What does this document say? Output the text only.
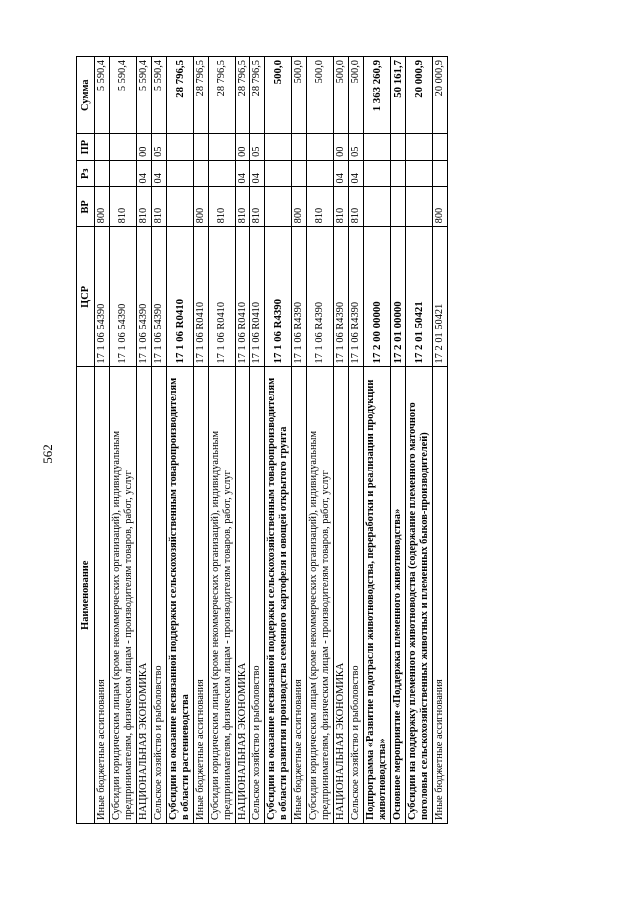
562
Наименование	ЦСР	ВР	Рз	ПР	Сумма
Иные бюджетные ассигнования	17 1 06 54390	800			5 590,4
Субсидии юридическим лицам (кроме некоммерческих организаций), индивидуальным предпринимателям, физическим лицам - производителям товаров, работ, услуг	17 1 06 54390	810			5 590,4
НАЦИОНАЛЬНАЯ ЭКОНОМИКА	17 1 06 54390	810	04	00	5 590,4
Сельское хозяйство и рыболовство	17 1 06 54390	810	04	05	5 590,4
Субсидии на оказание несвязанной поддержки сельскохозяйственным товаропроизводителям в области растениеводства	17 1 06 R0410				28 796,5
Иные бюджетные ассигнования	17 1 06 R0410	800			28 796,5
Субсидии юридическим лицам (кроме некоммерческих организаций), индивидуальным предпринимателям, физическим лицам - производителям товаров, работ, услуг	17 1 06 R0410	810			28 796,5
НАЦИОНАЛЬНАЯ ЭКОНОМИКА	17 1 06 R0410	810	04	00	28 796,5
Сельское хозяйство и рыболовство	17 1 06 R0410	810	04	05	28 796,5
Субсидии на оказание несвязанной поддержки сельскохозяйственным товаропроизводителям в области развития производства семенного картофеля и овощей открытого грунта	17 1 06 R4390				500,0
Иные бюджетные ассигнования	17 1 06 R4390	800			500,0
Субсидии юридическим лицам (кроме некоммерческих организаций), индивидуальным предпринимателям, физическим лицам - производителям товаров, работ, услуг	17 1 06 R4390	810			500,0
НАЦИОНАЛЬНАЯ ЭКОНОМИКА	17 1 06 R4390	810	04	00	500,0
Сельское хозяйство и рыболовство	17 1 06 R4390	810	04	05	500,0
Подпрограмма «Развитие подотрасли животноводства, переработки и реализации продукции животноводства»	17 2 00 00000				1 363 260,9
Основное мероприятие «Поддержка племенного животноводства»	17 2 01 00000				50 161,7
Субсидии на поддержку племенного животноводства (содержание племенного маточного поголовья сельскохозяйственных животных и племенных быков-производителей)	17 2 01 50421				20 000,9
Иные бюджетные ассигнования	17 2 01 50421	800			20 000,9
